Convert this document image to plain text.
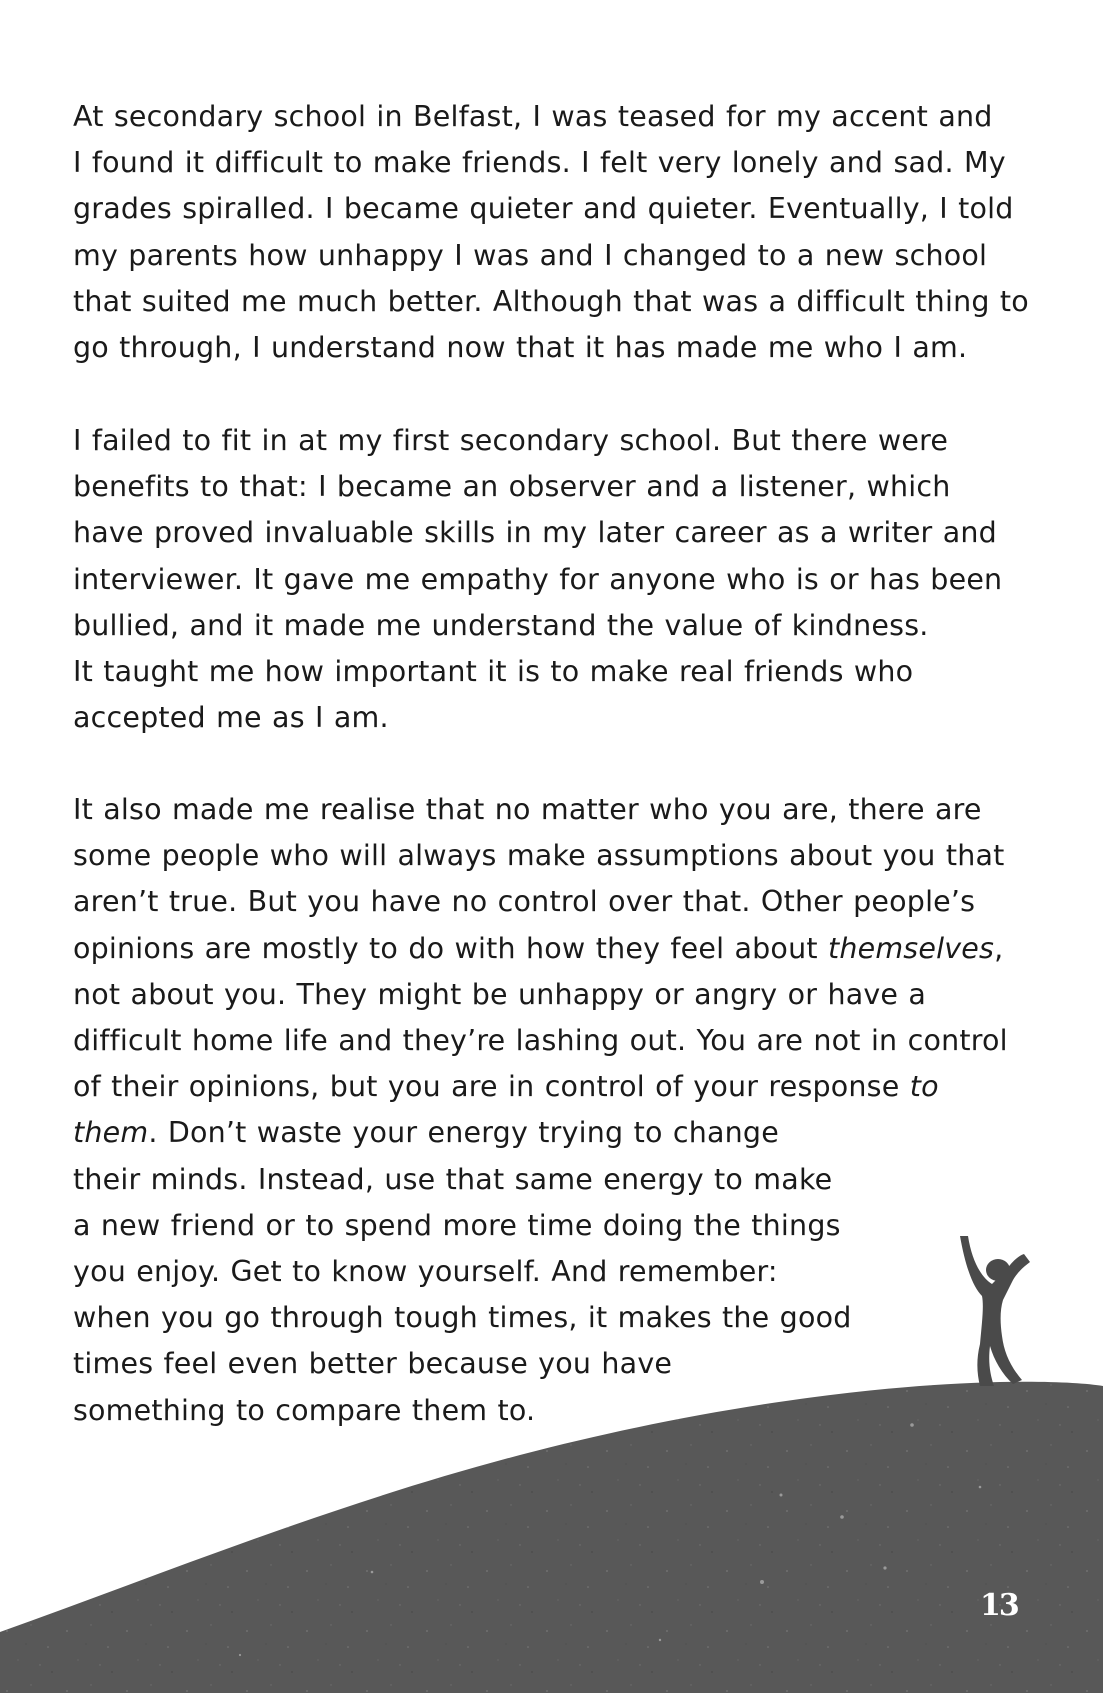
At secondary school in Belfast, I was teased for my accent and
I found it difficult to make friends. I felt very lonely and sad. My
grades spiralled. I became quieter and quieter. Eventually, I told
my parents how unhappy I was and I changed to a new school
that suited me much better. Although that was a difficult thing to
go through, I understand now that it has made me who I am.
I failed to fit in at my first secondary school. But there were
benefits to that: I became an observer and a listener, which
have proved invaluable skills in my later career as a writer and
interviewer. It gave me empathy for anyone who is or has been
bullied, and it made me understand the value of kindness.
It taught me how important it is to make real friends who
accepted me as I am.
It also made me realise that no matter who you are, there are
some people who will always make assumptions about you that
aren’t true. But you have no control over that. Other people’s
opinions are mostly to do with how they feel about themselves,
not about you. They might be unhappy or angry or have a
difficult home life and they’re lashing out. You are not in control
of their opinions, but you are in control of your response to
them. Don’t waste your energy trying to change
their minds. Instead, use that same energy to make
a new friend or to spend more time doing the things
you enjoy. Get to know yourself. And remember:
when you go through tough times, it makes the good
times feel even better because you have
something to compare them to.
13
